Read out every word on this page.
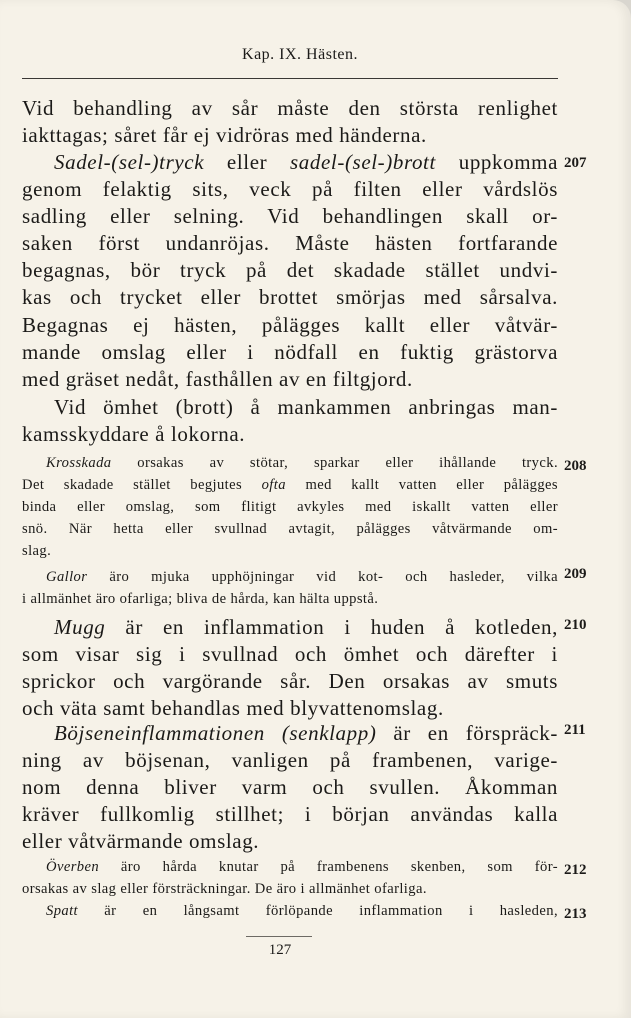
Kap. IX. Hästen.
Vid behandling av sår måste den största renlighet
iakttagas; såret får ej vidröras med händerna.
Sadel-(sel-)tryck eller sadel-(sel-)brott uppkomma
genom felaktig sits, veck på filten eller vårdslös
sadling eller selning. Vid behandlingen skall or-
saken först undanröjas. Måste hästen fortfarande
begagnas, bör tryck på det skadade stället undvi-
kas och trycket eller brottet smörjas med sårsalva.
Begagnas ej hästen, pålägges kallt eller våtvär-
mande omslag eller i nödfall en fuktig grästorva
med gräset nedåt, fasthållen av en filtgjord.
Vid ömhet (brott) å mankammen anbringas man-
kamsskyddare å lokorna.
Krosskada orsakas av stötar, sparkar eller ihållande tryck.
Det skadade stället begjutes ofta med kallt vatten eller pålägges
binda eller omslag, som flitigt avkyles med iskallt vatten eller
snö. När hetta eller svullnad avtagit, pålägges våtvärmande om-
slag.
Gallor äro mjuka upphöjningar vid kot- och hasleder, vilka
i allmänhet äro ofarliga; bliva de hårda, kan hälta uppstå.
Mugg är en inflammation i huden å kotleden,
som visar sig i svullnad och ömhet och därefter i
sprickor och vargörande sår. Den orsakas av smuts
och väta samt behandlas med blyvattenomslag.
Böjseneinflammationen (senklapp) är en förspräck-
ning av böjsenan, vanligen på frambenen, varige-
nom denna bliver varm och svullen. Åkomman
kräver fullkomlig stillhet; i början användas kalla
eller våtvärmande omslag.
Överben äro hårda knutar på frambenens skenben, som för-
orsakas av slag eller försträckningar. De äro i allmänhet ofarliga.
Spatt är en långsamt förlöpande inflammation i hasleden,
207
208
209
210
211
212
213
127
